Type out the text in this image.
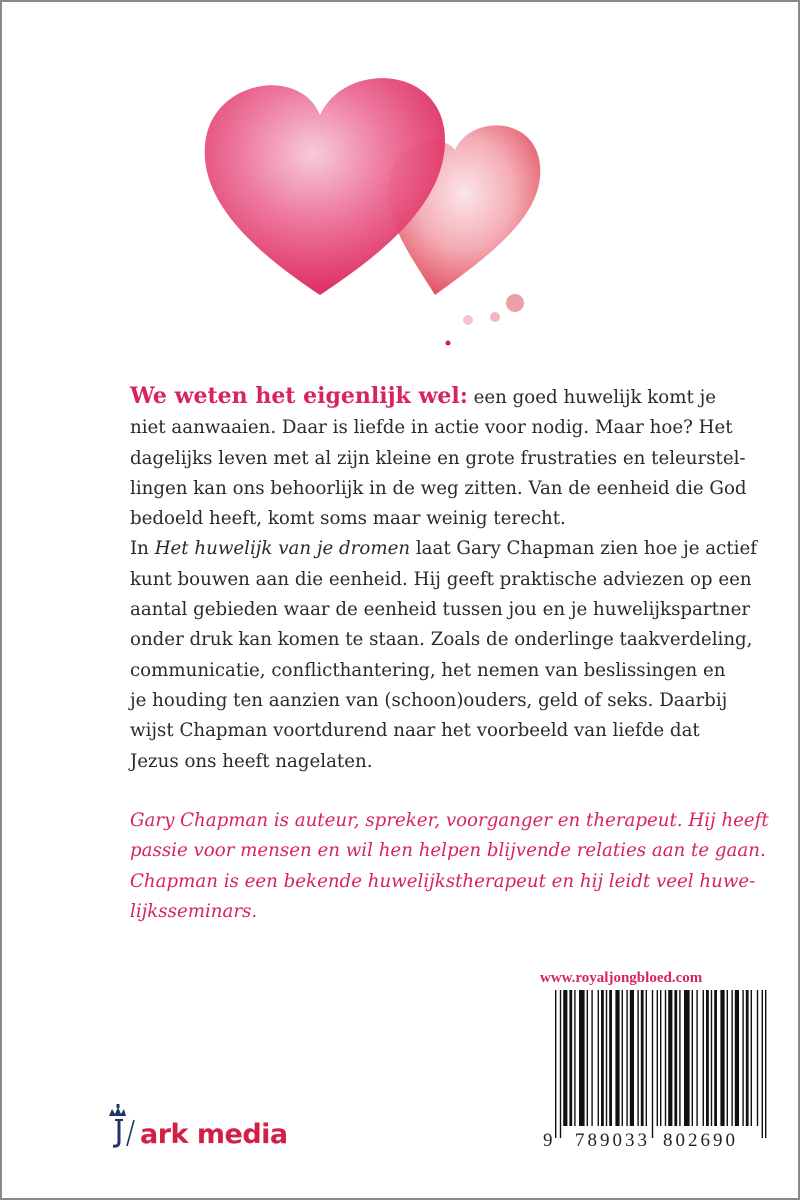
We weten het eigenlijk wel: een goed huwelijk komt je
niet aanwaaien. Daar is liefde in actie voor nodig. Maar hoe? Het
dagelijks leven met al zijn kleine en grote frustraties en teleurstel-
lingen kan ons behoorlijk in de weg zitten. Van de eenheid die God
bedoeld heeft, komt soms maar weinig terecht.
In Het huwelijk van je dromen laat Gary Chapman zien hoe je actief
kunt bouwen aan die eenheid. Hij geeft praktische adviezen op een
aantal gebieden waar de eenheid tussen jou en je huwelijkspartner
onder druk kan komen te staan. Zoals de onderlinge taakverdeling,
communicatie, conflicthantering, het nemen van beslissingen en
je houding ten aanzien van (schoon)ouders, geld of seks. Daarbij
wijst Chapman voortdurend naar het voorbeeld van liefde dat
Jezus ons heeft nagelaten.
Gary Chapman is auteur, spreker, voorganger en therapeut. Hij heeft
passie voor mensen en wil hen helpen blijvende relaties aan te gaan.
Chapman is een bekende huwelijkstherapeut en hij leidt veel huwe-
lijksseminars.
www.royaljongbloed.com
9 789033 802690
ark media
